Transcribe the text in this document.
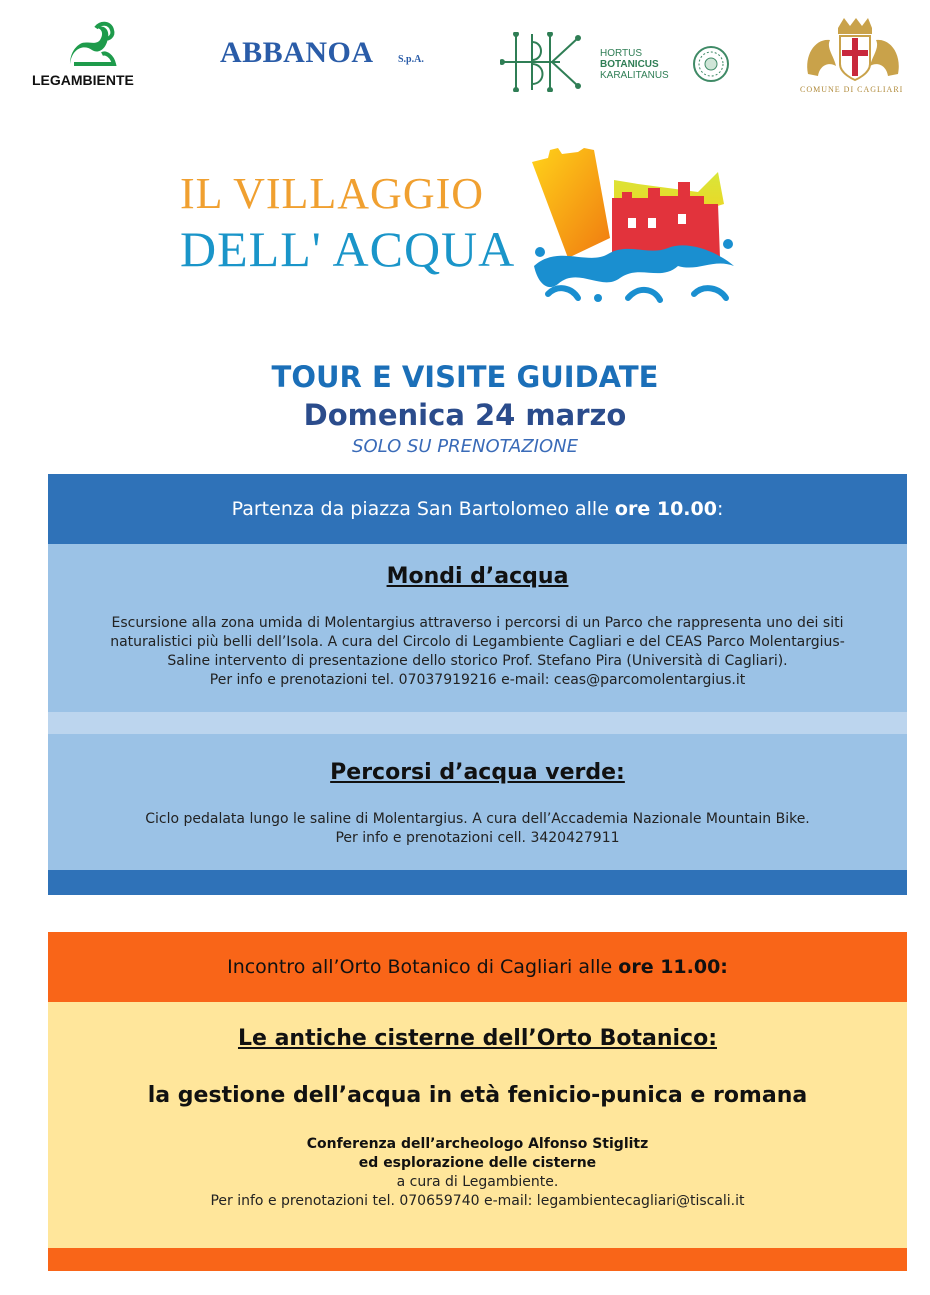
LEGAMBIENTE
ABBANOA S.p.A.
HORTUS
BOTANICUS
KARALITANUS
COMUNE DI CAGLIARI
IL VILLAGGIO
DELL' ACQUA
TOUR E VISITE GUIDATE
Domenica 24 marzo
SOLO SU PRENOTAZIONE
Partenza da piazza San Bartolomeo alle ore 10.00 :
Mondi d’acqua
Escursione alla zona umida di Molentargius attraverso i percorsi di un Parco che rappresenta uno dei siti
naturalistici più belli dell’Isola. A cura del Circolo di Legambiente Cagliari e del CEAS Parco Molentargius-
Saline intervento di presentazione dello storico Prof. Stefano Pira (Università di Cagliari).
Per info e prenotazioni tel. 07037919216 e-mail: ceas@parcomolentargius.it
Percorsi d’acqua verde:
Ciclo pedalata lungo le saline di Molentargius. A cura dell’Accademia Nazionale Mountain Bike.
Per info e prenotazioni cell. 3420427911
Incontro all’Orto Botanico di Cagliari alle ore 11.00:
Le antiche cisterne dell’Orto Botanico:
la gestione dell’acqua in età fenicio-punica e romana
Conferenza dell’archeologo Alfonso Stiglitz
ed esplorazione delle cisterne
a cura di Legambiente.
Per info e prenotazioni tel. 070659740 e-mail: legambientecagliari@tiscali.it
